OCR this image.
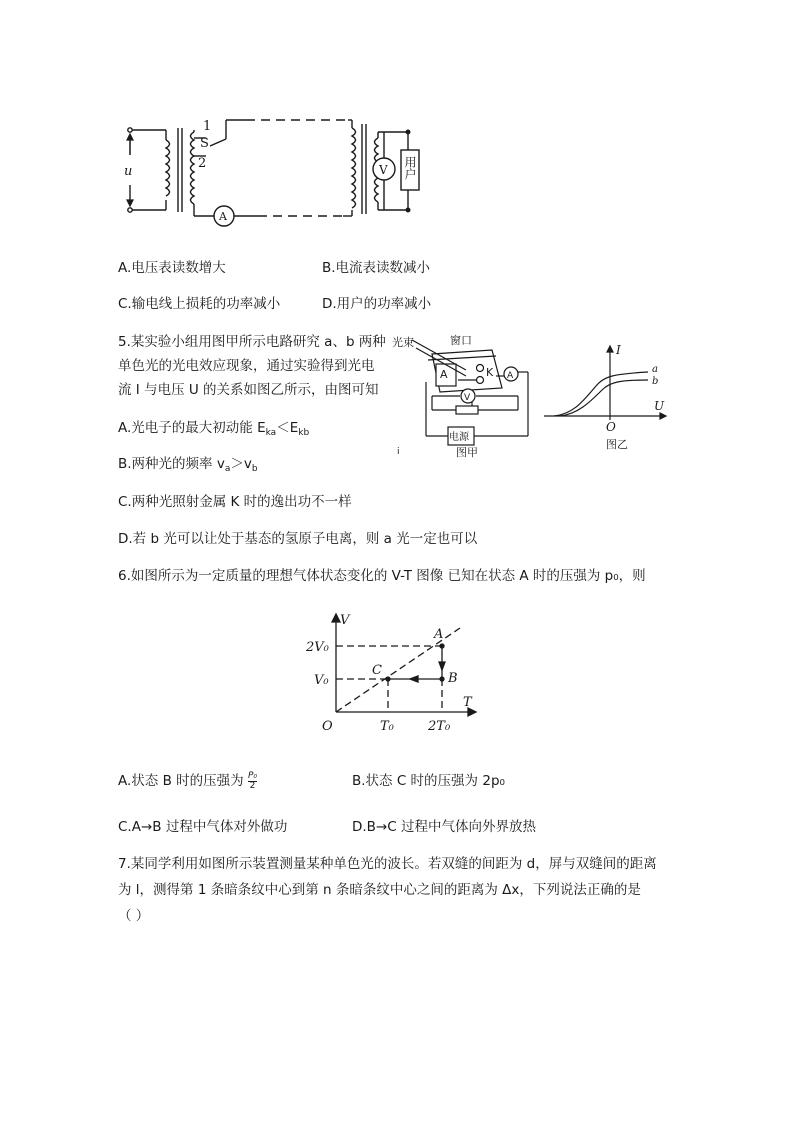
u
1
S
2	V
A
用户
A.电压表读数增大	B.电流表读数减小
C.输电线上损耗的功率减小	D.用户的功率减小
5.某实验小组用图甲所示电路研究 a、b 两种
单色光的光电效应现象，通过实验得到光电
流 I 与电压 U 的关系如图乙所示，由图可知
A.光电子的最大初动能 $E_{ka}<E_{kb}$
B.两种光的频率 $v_a>v_b$
C.两种光照射金属 K 时的逸出功不一样
D.若 b 光可以让处于基态的氢原子电离，则 a 光一定也可以
光束	窗口
A	K A
V
电源
图甲
i
I
U
O
a
b
图乙
6.如图所示为一定质量的理想气体状态变化的 V-T 图像 已知在状态 A 时的压强为 p₀，则
V
T
O
2V₀
V₀
T₀	2T₀
A
B
C
A.状态 B 时的压强为 $\frac{\text{P₀}}{2}$	B.状态 C 时的压强为 2p₀
C.A→B 过程中气体对外做功	D.B→C 过程中气体向外界放热
7.某同学利用如图所示装置测量某种单色光的波长。若双缝的间距为 d，屏与双缝间的距离
为 l，测得第 1 条暗条纹中心到第 n 条暗条纹中心之间的距离为 Δx，下列说法正确的是
（ ）
